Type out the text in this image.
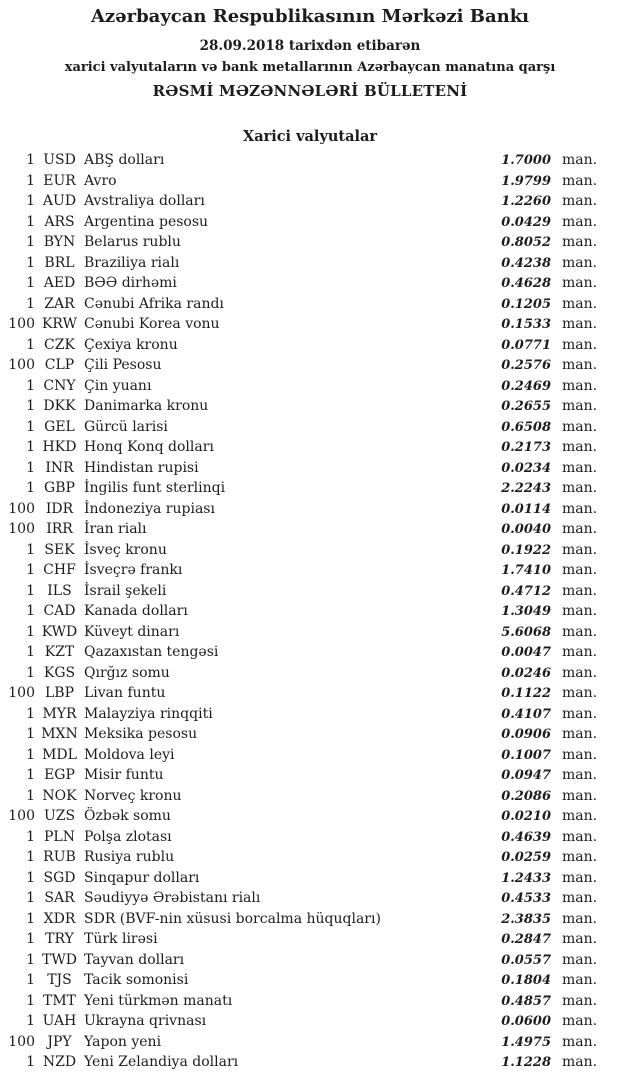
Azərbaycan Respublikasının Mərkəzi Bankı
28.09.2018 tarixdən etibarən
xarici valyutaların və bank metallarının Azərbaycan manatına qarşı
RƏSMİ MƏZƏNNƏLƏRİ BÜLLETENİ
Xarici valyutalar
1 USD ABŞ dolları	1.7000 man.
1 EUR Avro	1.9799 man.
1 AUD Avstraliya dolları	1.2260 man.
1 ARS Argentina pesosu	0.0429 man.
1 BYN Belarus rublu	0.8052 man.
1 BRL Braziliya rialı	0.4238 man.
1 AED BƏƏ dirhəmi	0.4628 man.
1 ZAR Cənubi Afrika randı	0.1205 man.
100 KRW Cənubi Korea vonu	0.1533 man.
1 CZK Çexiya kronu	0.0771 man.
100 CLP Çili Pesosu	0.2576 man.
1 CNY Çin yuanı	0.2469 man.
1 DKK Danimarka kronu	0.2655 man.
1 GEL Gürcü larisi	0.6508 man.
1 HKD Honq Konq dolları	0.2173 man.
1 INR Hindistan rupisi	0.0234 man.
1 GBP İngilis funt sterlinqi	2.2243 man.
100 IDR İndoneziya rupiası	0.0114 man.
100 IRR İran rialı	0.0040 man.
1 SEK İsveç kronu	0.1922 man.
1 CHF İsveçrə frankı	1.7410 man.
1 ILS İsrail şekeli	0.4712 man.
1 CAD Kanada dolları	1.3049 man.
1 KWD Küveyt dinarı	5.6068 man.
1 KZT Qazaxıstan tengəsi	0.0047 man.
1 KGS Qırğız somu	0.0246 man.
100 LBP Livan funtu	0.1122 man.
1 MYR Malayziya rinqqiti	0.4107 man.
1 MXN Meksika pesosu	0.0906 man.
1 MDL Moldova leyi	0.1007 man.
1 EGP Misir funtu	0.0947 man.
1 NOK Norveç kronu	0.2086 man.
100 UZS Özbək somu	0.0210 man.
1 PLN Polşa zlotası	0.4639 man.
1 RUB Rusiya rublu	0.0259 man.
1 SGD Sinqapur dolları	1.2433 man.
1 SAR Səudiyyə Ərəbistanı rialı	0.4533 man.
1 XDR SDR (BVF-nin xüsusi borcalma hüquqları)	2.3835 man.
1 TRY Türk lirəsi	0.2847 man.
1 TWD Tayvan dolları	0.0557 man.
1 TJS Tacik somonisi	0.1804 man.
1 TMT Yeni türkmən manatı	0.4857 man.
1 UAH Ukrayna qrivnası	0.0600 man.
100 JPY Yapon yeni	1.4975 man.
1 NZD Yeni Zelandiya dolları	1.1228 man.
